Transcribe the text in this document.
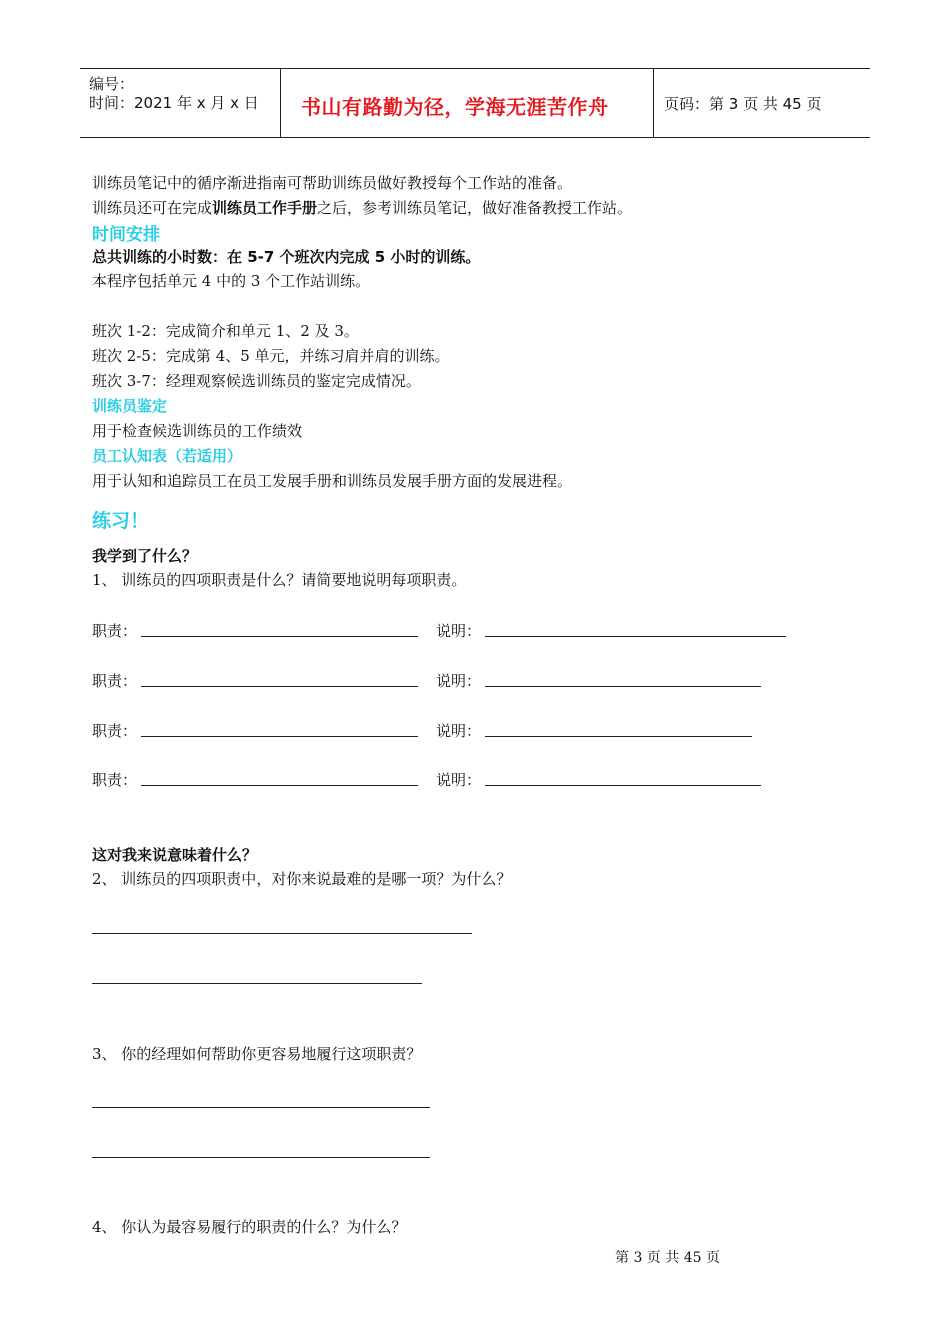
编号：
时间：2021 年 x 月 x 日 书山有路勤为径，学海无涯苦作舟	页码：第 3 页 共 45 页
训练员笔记中的循序渐进指南可帮助训练员做好教授每个工作站的准备。
训练员还可在完成训练员工作手册之后，参考训练员笔记，做好准备教授工作站。
时间安排
总共训练的小时数：在 5-7 个班次内完成 5 小时的训练。
本程序包括单元 4 中的 3 个工作站训练。
班次 1-2：完成简介和单元 1、2 及 3。
班次 2-5：完成第 4、5 单元，并练习肩并肩的训练。
班次 3-7：经理观察候选训练员的鉴定完成情况。
训练员鉴定
用于检查候选训练员的工作绩效
员工认知表（若适用）
用于认知和追踪员工在员工发展手册和训练员发展手册方面的发展进程。
练习！
我学到了什么？
1、 训练员的四项职责是什么？请简要地说明每项职责。
职责：	说明：
职责：	说明：
职责：	说明：
职责：	说明：
这对我来说意味着什么？
2、 训练员的四项职责中，对你来说最难的是哪一项？为什么？
3、 你的经理如何帮助你更容易地履行这项职责？
4、 你认为最容易履行的职责的什么？为什么？
第 3 页 共 45 页
